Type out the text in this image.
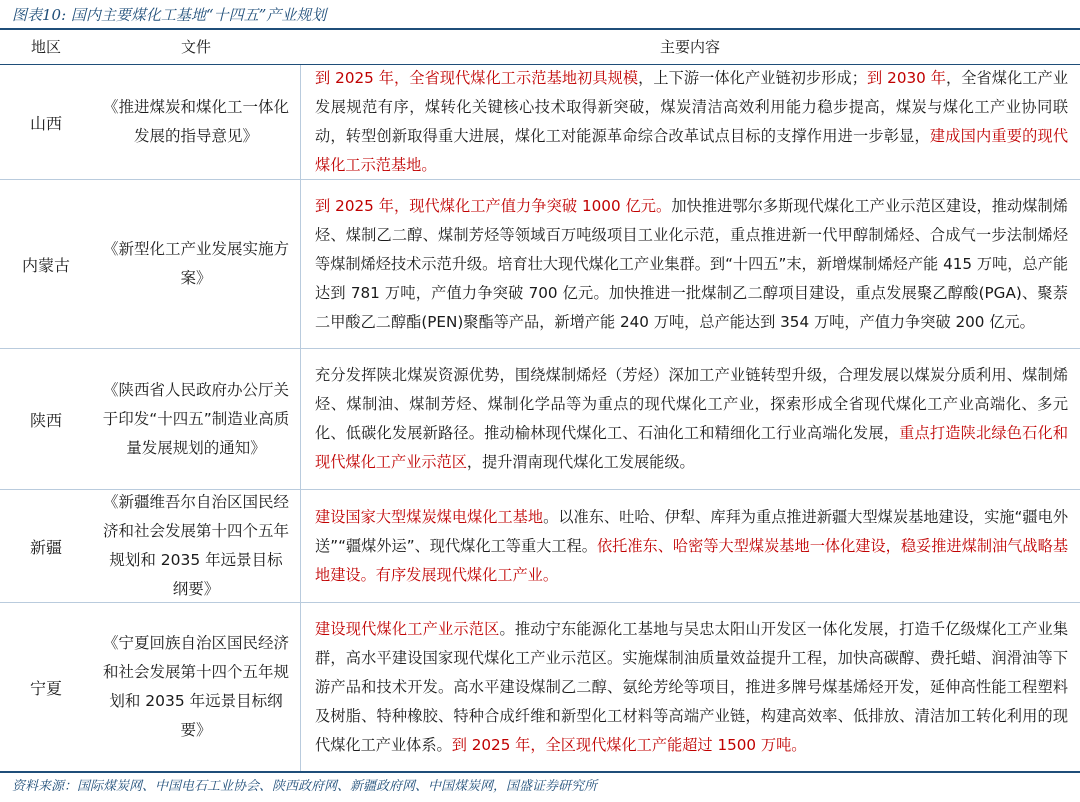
图表10: 国内主要煤化工基地“十四五”产业规划
地区	文件	主要内容
山西
《推进煤炭和煤化工一体化发展的指导意见》

到 2025 年，全省现代煤化工示范基地初具规模，上下游一体化产业链初步形成；到 2030 年，全省煤化工产业发展规范有序，煤转化关键核心技术取得新突破，煤炭清洁高效利用能力稳步提高，煤炭与煤化工产业协同联动，转型创新取得重大进展，煤化工对能源革命综合改革试点目标的支撑作用进一步彰显，建成国内重要的现代煤化工示范基地。

内蒙古
《新型化工产业发展实施方案》

到 2025 年，现代煤化工产值力争突破 1000 亿元。加快推进鄂尔多斯现代煤化工产业示范区建设，推动煤制烯烃、煤制乙二醇、煤制芳烃等领域百万吨级项目工业化示范，重点推进新一代甲醇制烯烃、合成气一步法制烯烃等煤制烯烃技术示范升级。培育壮大现代煤化工产业集群。到“十四五”末，新增煤制烯烃产能 415 万吨，总产能达到 781 万吨，产值力争突破 700 亿元。加快推进一批煤制乙二醇项目建设，重点发展聚乙醇酸(PGA)、聚萘二甲酸乙二醇酯(PEN)聚酯等产品，新增产能 240 万吨，总产能达到 354 万吨，产值力争突破 200 亿元。

陕西
《陕西省人民政府办公厅关于印发“十四五”制造业高质量发展规划的通知》

充分发挥陕北煤炭资源优势，围绕煤制烯烃（芳烃）深加工产业链转型升级，合理发展以煤炭分质利用、煤制烯烃、煤制油、煤制芳烃、煤制化学品等为重点的现代煤化工产业，探索形成全省现代煤化工产业高端化、多元化、低碳化发展新路径。推动榆林现代煤化工、石油化工和精细化工行业高端化发展，重点打造陕北绿色石化和现代煤化工产业示范区，提升渭南现代煤化工发展能级。

新疆
《新疆维吾尔自治区国民经济和社会发展第十四个五年规划和 2035 年远景目标纲要》

建设国家大型煤炭煤电煤化工基地。以准东、吐哈、伊犁、库拜为重点推进新疆大型煤炭基地建设，实施“疆电外送”“疆煤外运”、现代煤化工等重大工程。依托准东、哈密等大型煤炭基地一体化建设，稳妥推进煤制油气战略基地建设。有序发展现代煤化工产业。

宁夏
《宁夏回族自治区国民经济和社会发展第十四个五年规划和 2035 年远景目标纲要》

建设现代煤化工产业示范区。推动宁东能源化工基地与吴忠太阳山开发区一体化发展，打造千亿级煤化工产业集群，高水平建设国家现代煤化工产业示范区。实施煤制油质量效益提升工程，加快高碳醇、费托蜡、润滑油等下游产品和技术开发。高水平建设煤制乙二醇、氨纶芳纶等项目，推进多牌号煤基烯烃开发，延伸高性能工程塑料及树脂、特种橡胶、特种合成纤维和新型化工材料等高端产业链，构建高效率、低排放、清洁加工转化利用的现代煤化工产业体系。到 2025 年，全区现代煤化工产能超过 1500 万吨。

资料来源：国际煤炭网、中国电石工业协会、陕西政府网、新疆政府网、中国煤炭网，国盛证券研究所
